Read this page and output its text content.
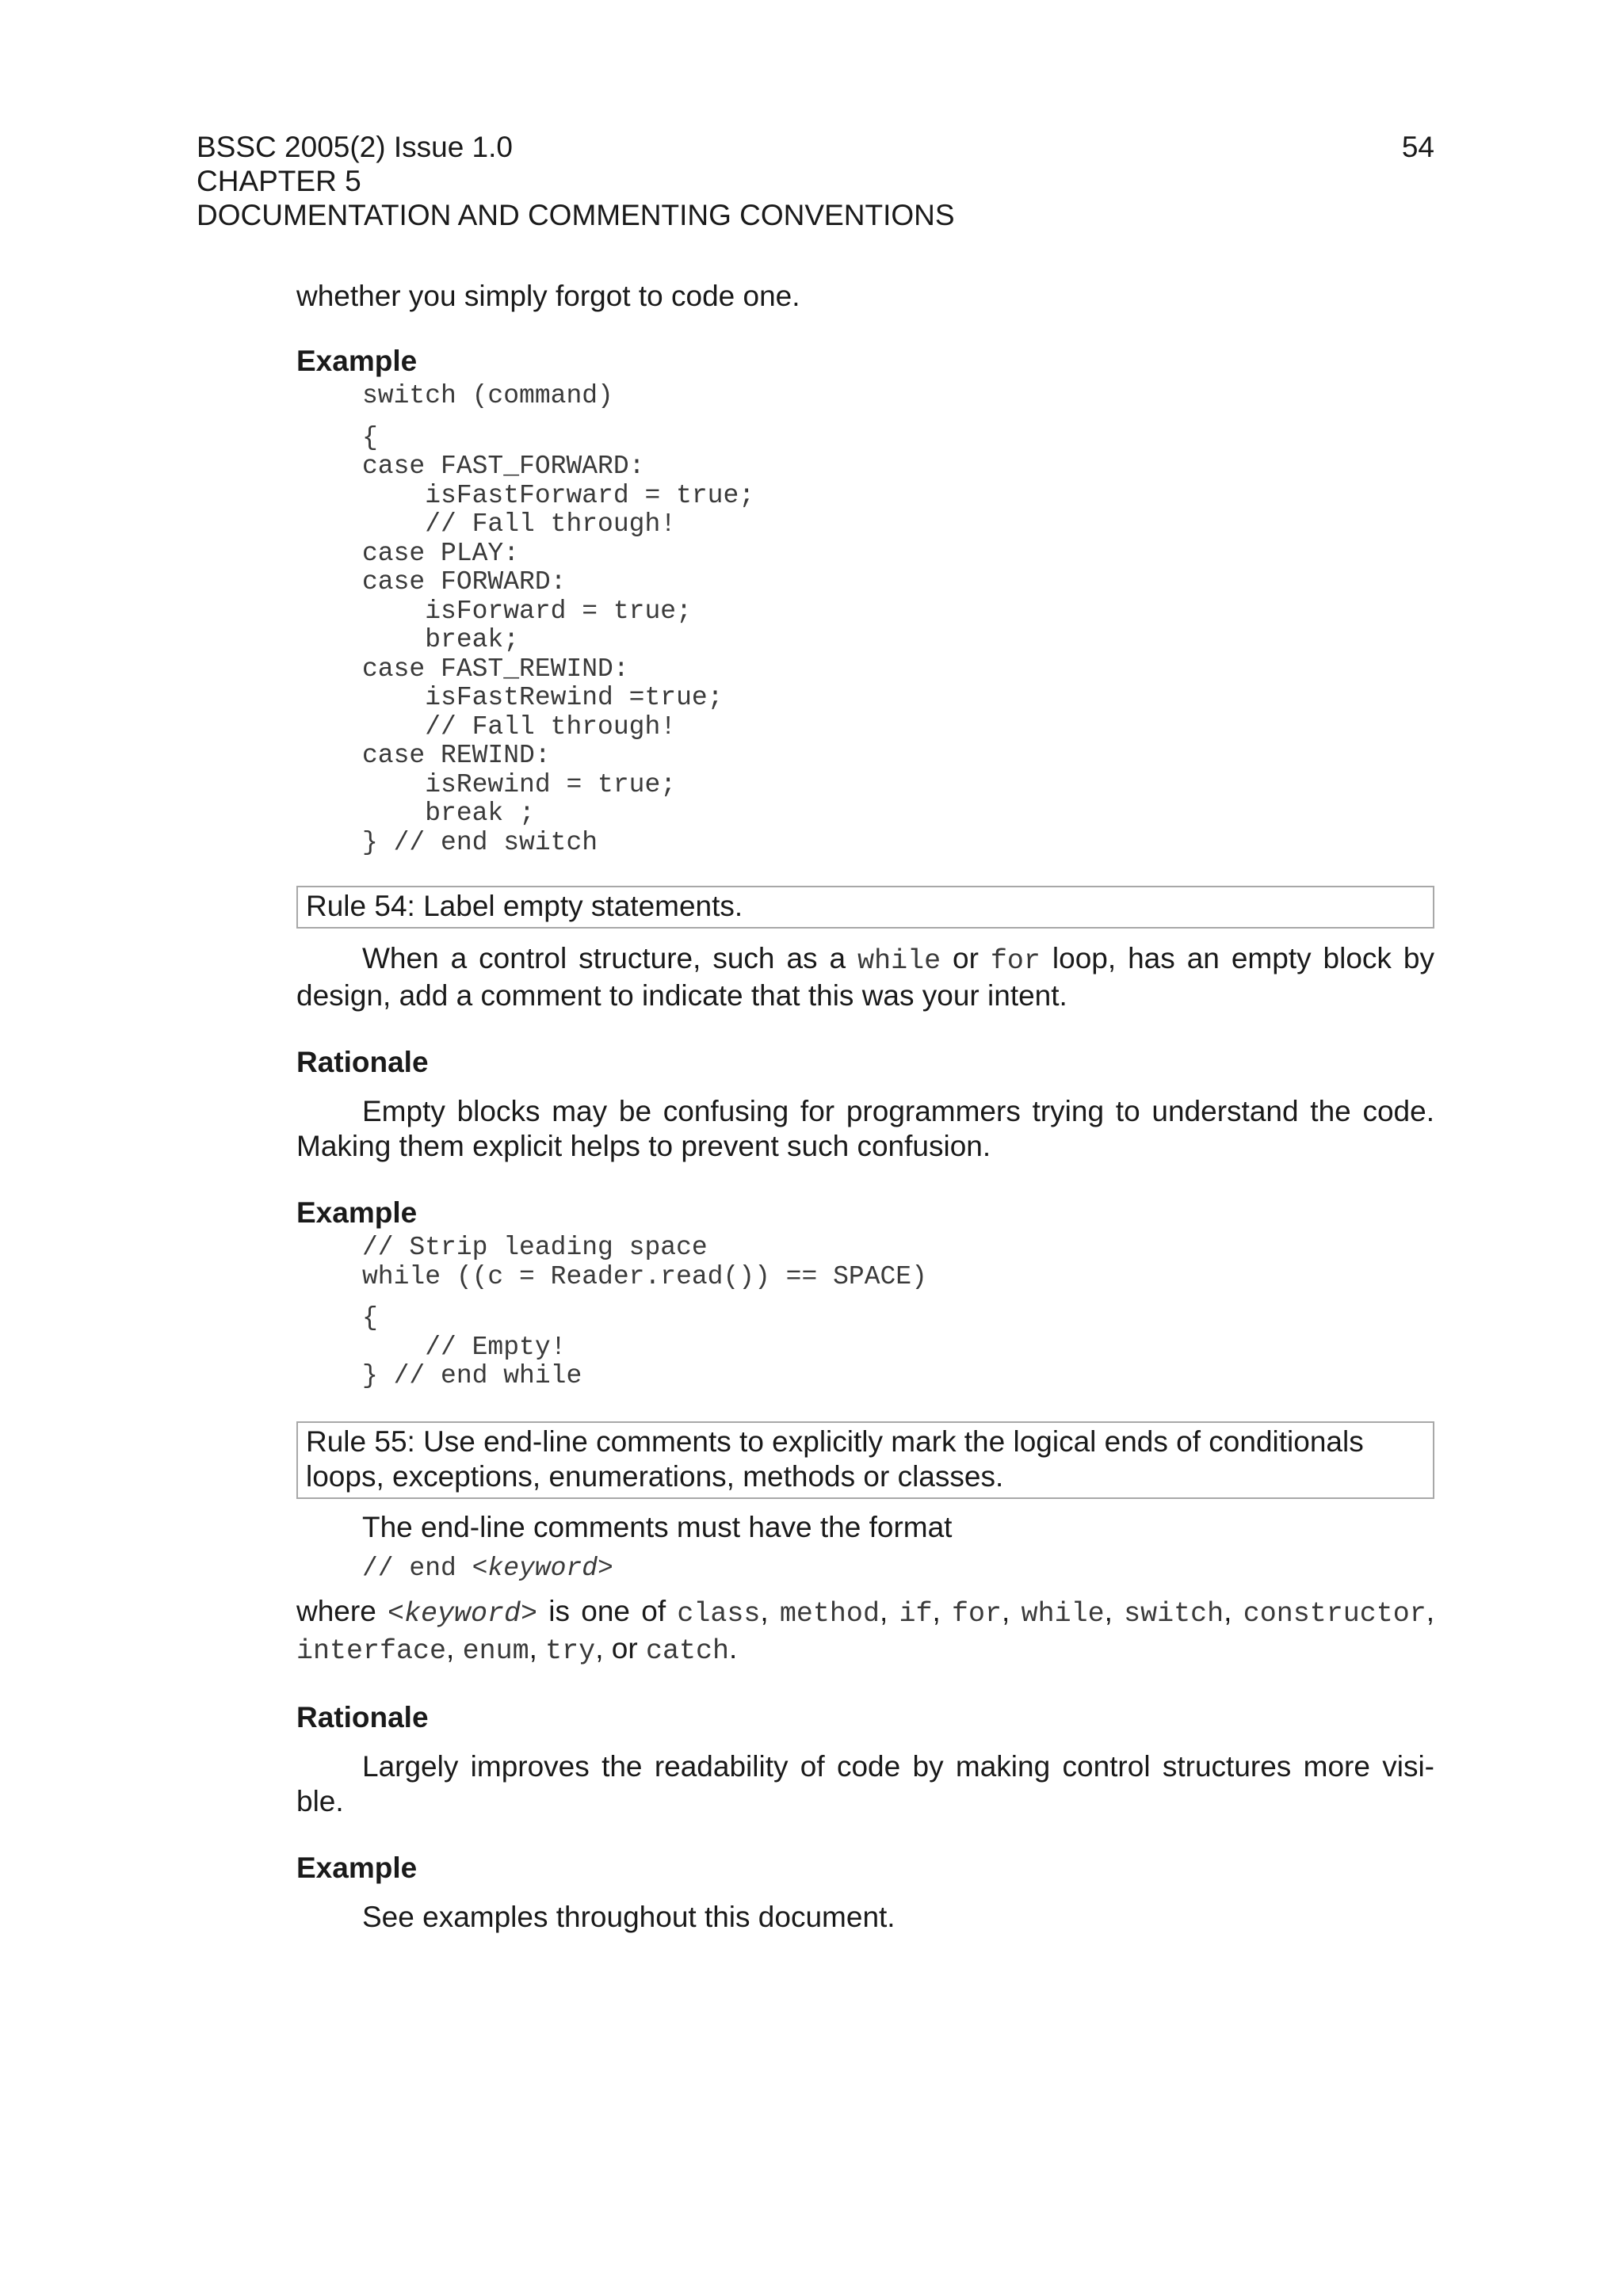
BSSC 2005(2) Issue 1.0
CHAPTER 5
DOCUMENTATION AND COMMENTING CONVENTIONS
54

whether you simply forgot to code one.

Example

switch (command)
{
case FAST_FORWARD:
isFastForward = true;
// Fall through!
case PLAY:
case FORWARD:
isForward = true;
break;
case FAST_REWIND:
isFastRewind =true;
// Fall through!
case REWIND:
isRewind = true;
break ;
} // end switch
Rule 54: Label empty statements.

When a control structure, such as a while or for loop, has an empty block by design, add a comment to indicate that this was your intent.

Rationale

Empty blocks may be confusing for programmers trying to understand the code. Making them explicit helps to prevent such confusion.

Example

// Strip leading space
while ((c = Reader.read()) == SPACE)
{
// Empty!
} // end while
Rule 55: Use end-line comments to explicitly mark the logical ends of conditionals loops, exceptions, enumerations, methods or classes.

The end-line comments must have the format

// end <keyword>

where <keyword> is one of class, method, if, for, while, switch, constructor, interface, enum, try, or catch.

Rationale

Largely improves the readability of code by making control structures more visi-ble.

Example

See examples throughout this document.
